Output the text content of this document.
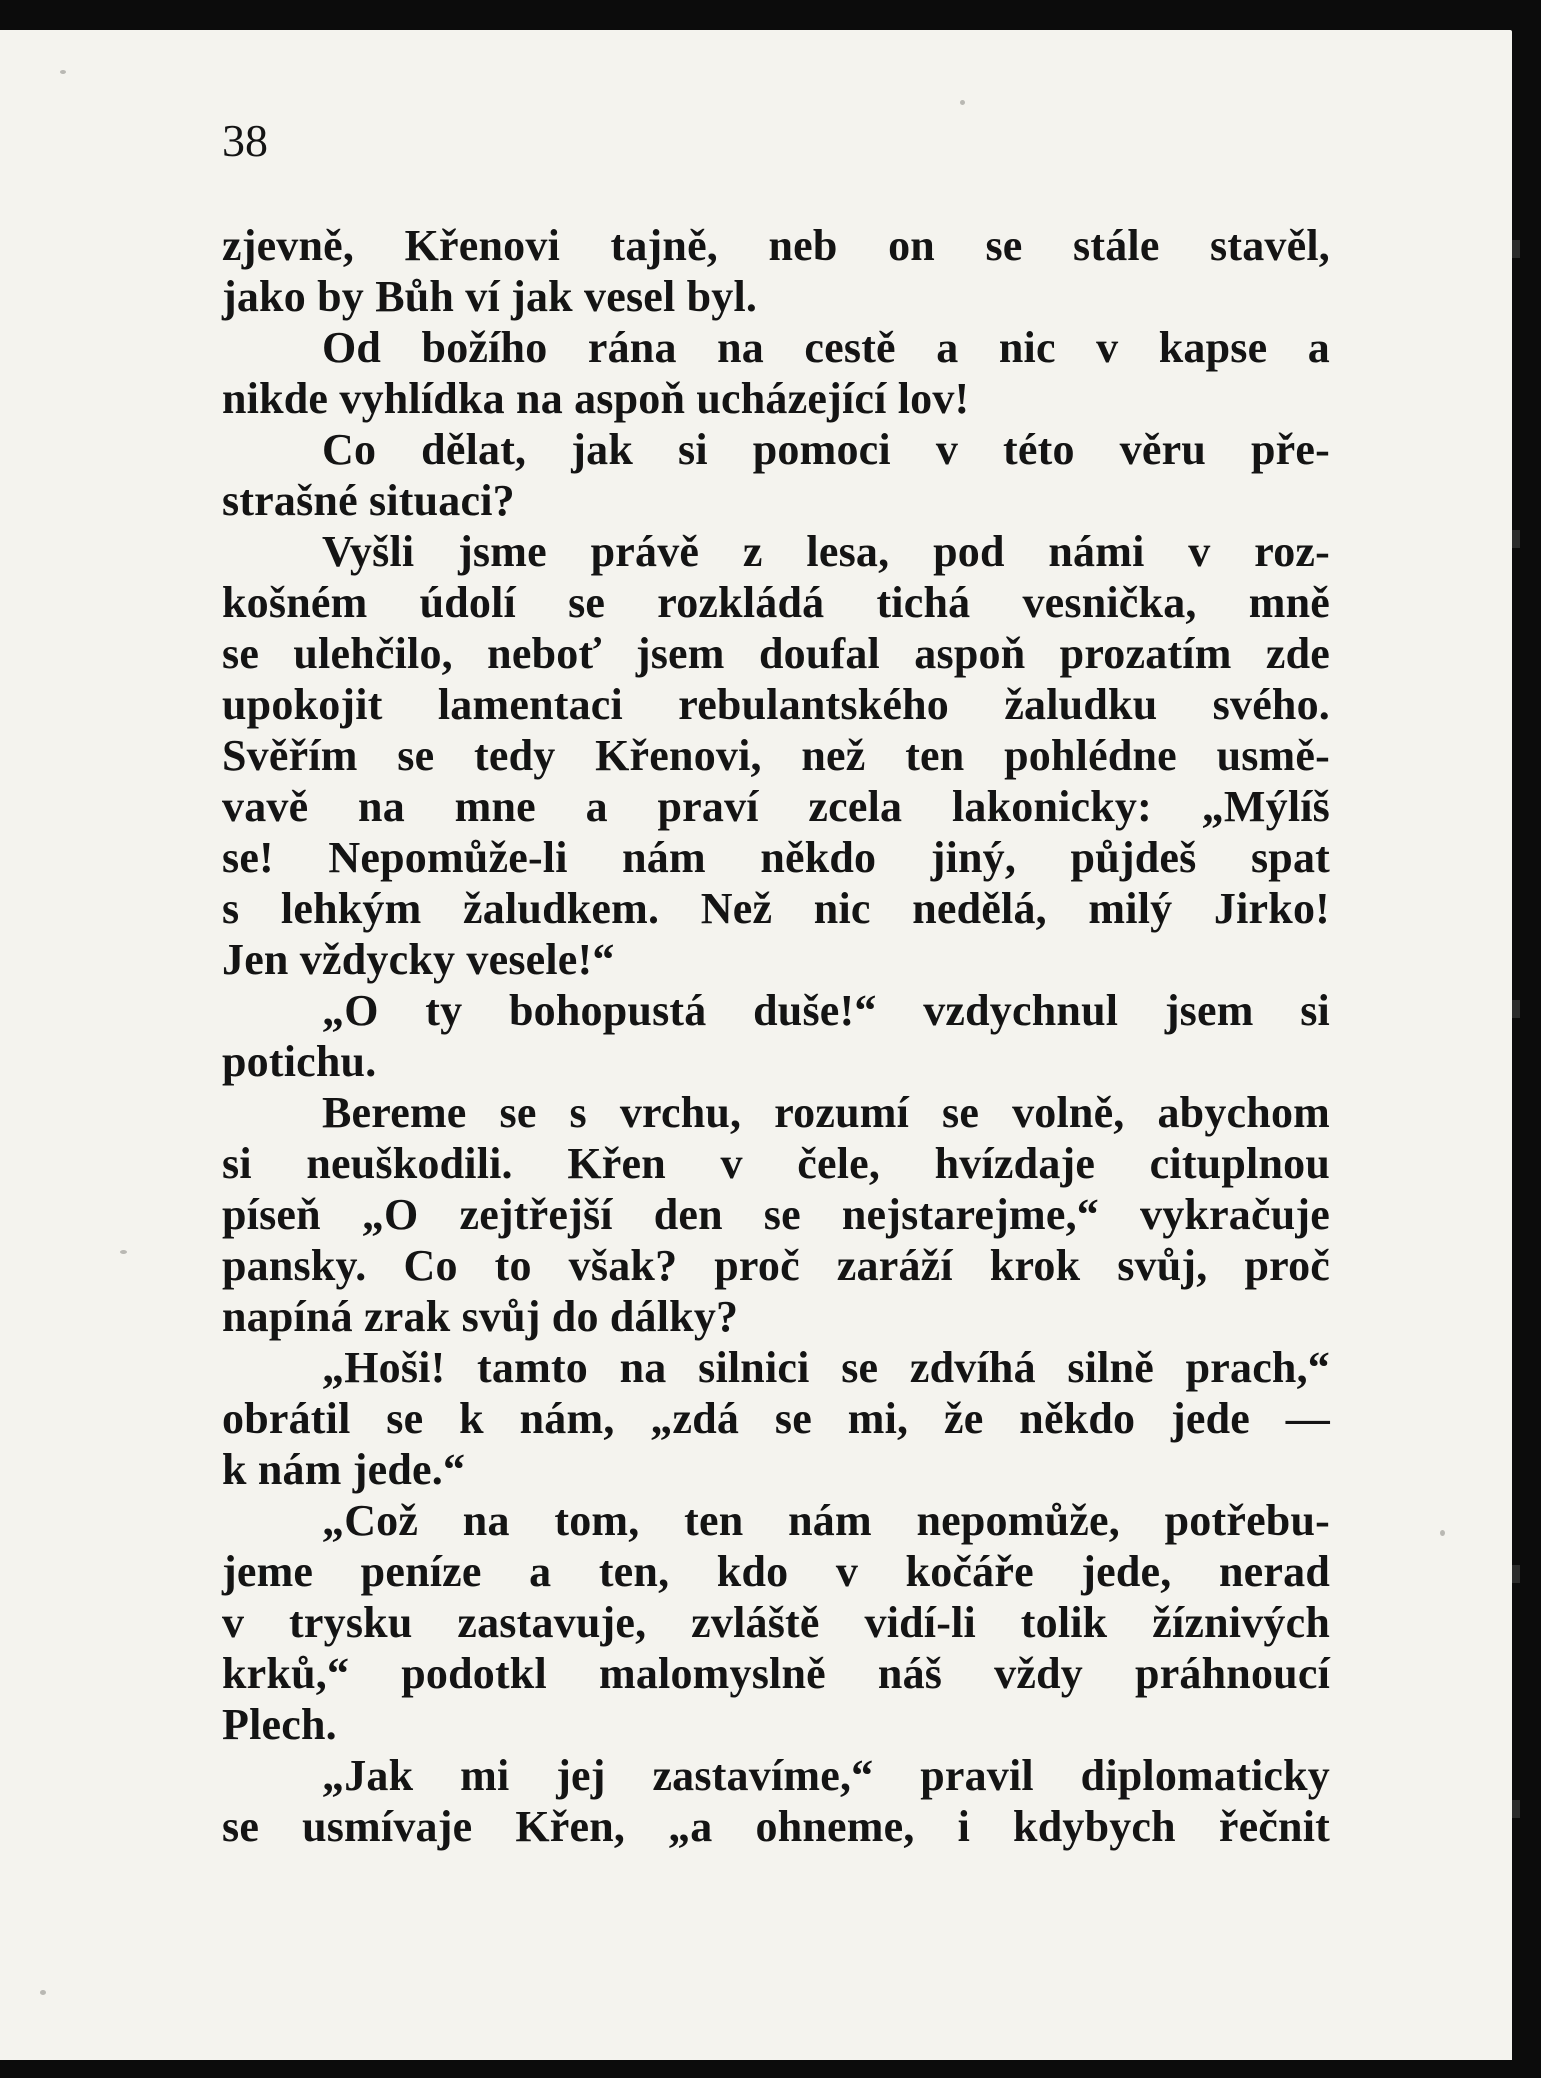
38
zjevně, Křenovi tajně, neb on se stále stavěl,
jako by Bůh ví jak vesel byl.
Od božího rána na cestě a nic v kapse a
nikde vyhlídka na aspoň ucházející lov!
Co dělat, jak si pomoci v této věru pře-
strašné situaci?
Vyšli jsme právě z lesa, pod námi v roz-
košném údolí se rozkládá tichá vesnička, mně
se ulehčilo, neboť jsem doufal aspoň prozatím zde
upokojit lamentaci rebulantského žaludku svého.
Svěřím se tedy Křenovi, než ten pohlédne usmě-
vavě na mne a praví zcela lakonicky: „Mýlíš
se! Nepomůže-li nám někdo jiný, půjdeš spat
s lehkým žaludkem. Než nic nedělá, milý Jirko!
Jen vždycky vesele!“
„O ty bohopustá duše!“ vzdychnul jsem si
potichu.
Bereme se s vrchu, rozumí se volně, abychom
si neuškodili. Křen v čele, hvízdaje cituplnou
píseň „O zejtřejší den se nejstarejme,“ vykračuje
pansky. Co to však? proč zaráží krok svůj, proč
napíná zrak svůj do dálky?
„Hoši! tamto na silnici se zdvíhá silně prach,“
obrátil se k nám, „zdá se mi, že někdo jede —
k nám jede.“
„Což na tom, ten nám nepomůže, potřebu-
jeme peníze a ten, kdo v kočáře jede, nerad
v trysku zastavuje, zvláště vidí-li tolik žíznivých
krků,“ podotkl malomyslně náš vždy práhnoucí
Plech.
„Jak mi jej zastavíme,“ pravil diplomaticky
se usmívaje Křen, „a ohneme, i kdybych řečnit
